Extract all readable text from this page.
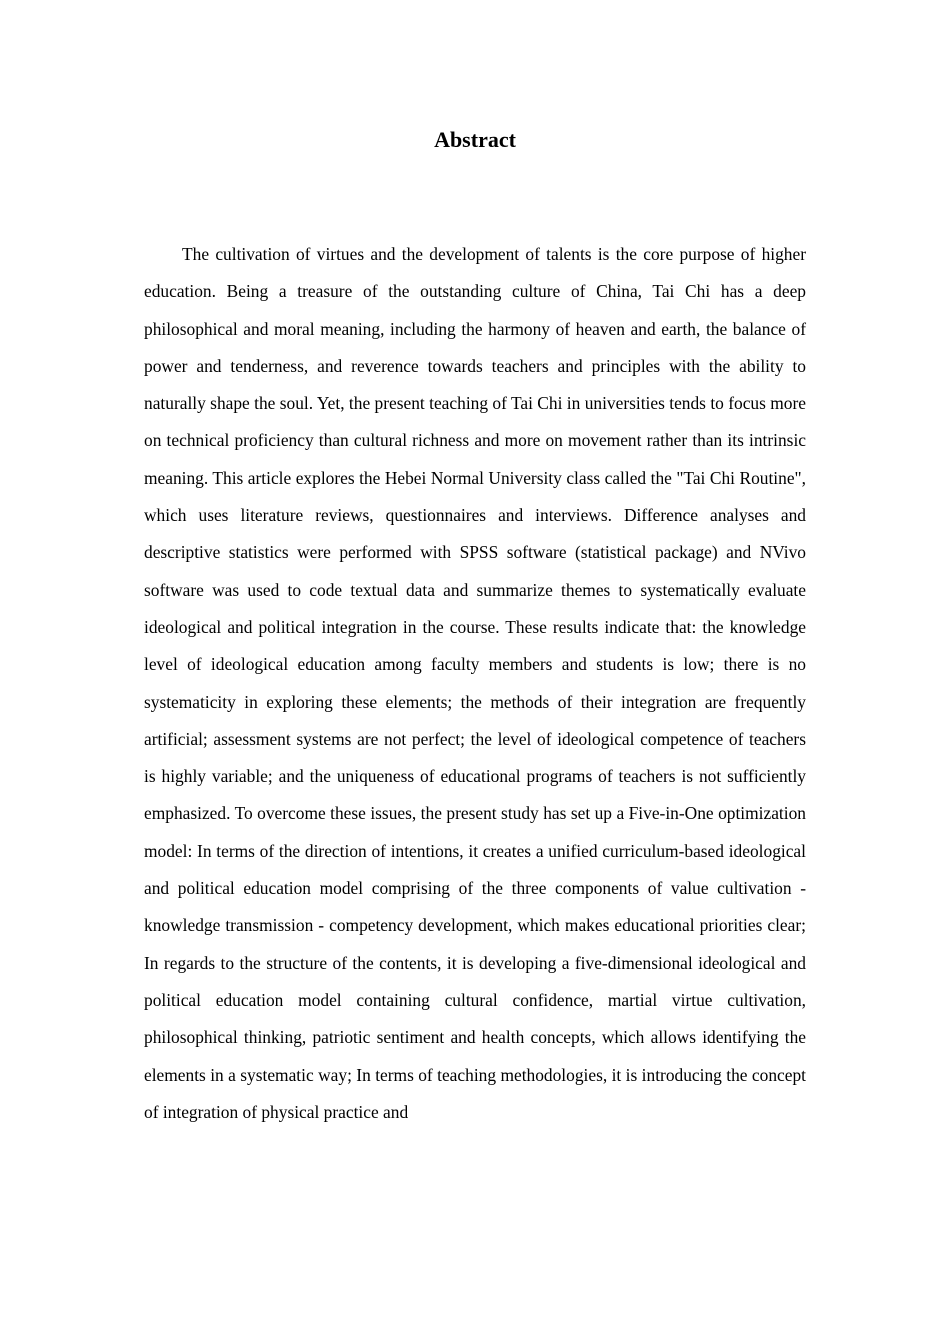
Abstract

The cultivation of virtues and the development of talents is the core purpose of higher education. Being a treasure of the outstanding culture of China, Tai Chi has a deep philosophical and moral meaning, including the harmony of heaven and earth, the balance of power and tenderness, and reverence towards teachers and principles with the ability to naturally shape the soul. Yet, the present teaching of Tai Chi in universities tends to focus more on technical proficiency than cultural richness and more on movement rather than its intrinsic meaning. This article explores the Hebei Normal University class called the "Tai Chi Routine", which uses literature reviews, questionnaires and interviews. Difference analyses and descriptive statistics were performed with SPSS software (statistical package) and NVivo software was used to code textual data and summarize themes to systematically evaluate ideological and political integration in the course. These results indicate that: the knowledge level of ideological education among faculty members and students is low; there is no systematicity in exploring these elements; the methods of their integration are frequently artificial; assessment systems are not perfect; the level of ideological competence of teachers is highly variable; and the uniqueness of educational programs of teachers is not sufficiently emphasized. To overcome these issues, the present study has set up a Five-in-One optimization model: In terms of the direction of intentions, it creates a unified curriculum-based ideological and political education model comprising of the three components of value cultivation - knowledge transmission - competency development, which makes educational priorities clear; In regards to the structure of the contents, it is developing a five-dimensional ideological and political education model containing cultural confidence, martial virtue cultivation, philosophical thinking, patriotic sentiment and health concepts, which allows identifying the elements in a systematic way; In terms of teaching methodologies, it is introducing the concept of integration of physical practice and
